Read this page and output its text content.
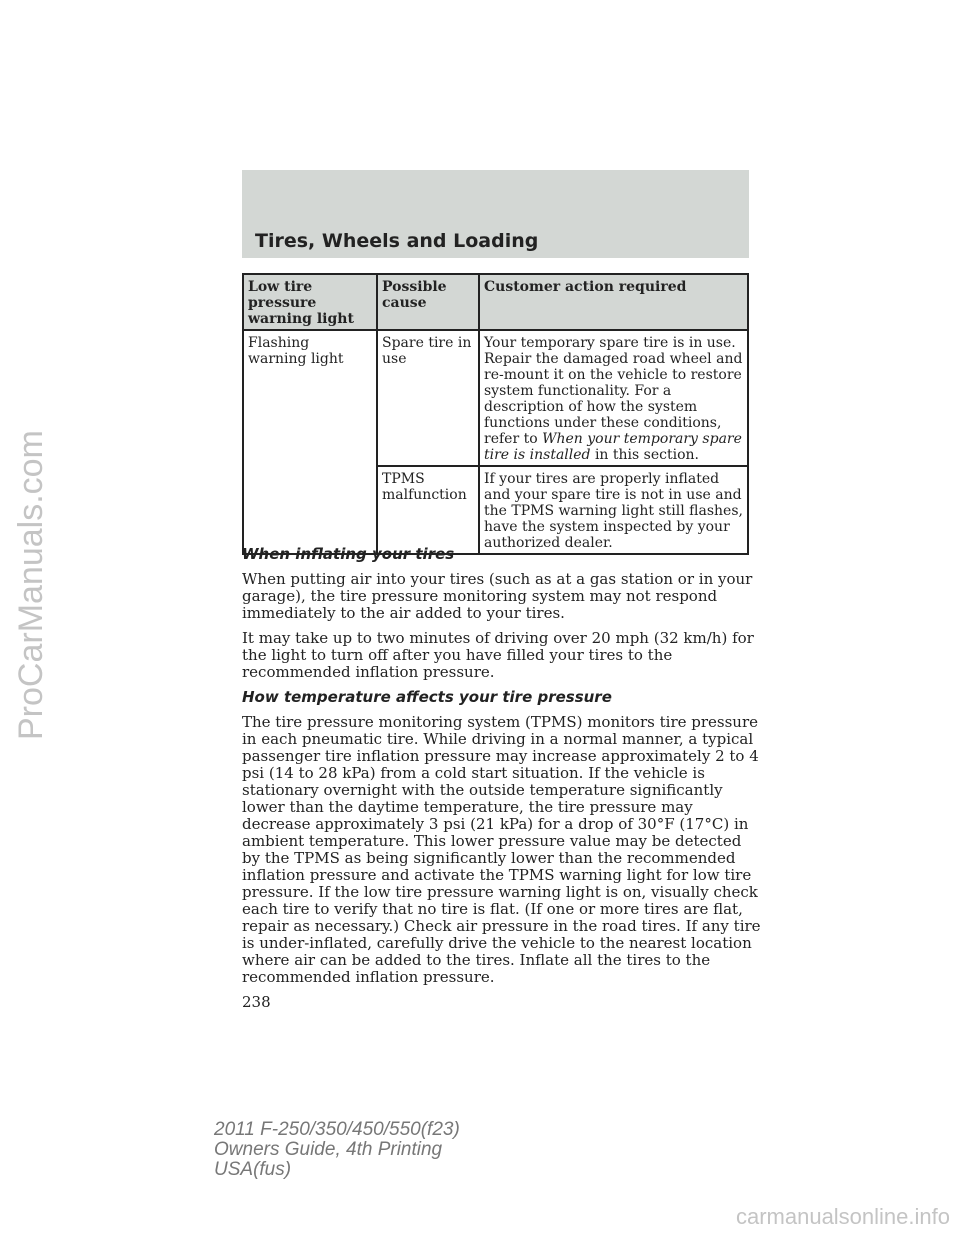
ProCarManuals.com
Tires, Wheels and Loading
Low tire pressure warning light	Possible cause	Customer action required
Flashing warning light	Spare tire in use	Your temporary spare tire is in use. Repair the damaged road wheel and re-mount it on the vehicle to restore system functionality. For a description of how the system functions under these conditions, refer to When your temporary spare tire is installed in this section.
	TPMS malfunction	If your tires are properly inflated and your spare tire is not in use and the TPMS warning light still flashes, have the system inspected by your authorized dealer.
When inflating your tires

When putting air into your tires (such as at a gas station or in your garage), the tire pressure monitoring system may not respond immediately to the air added to your tires.

It may take up to two minutes of driving over 20 mph (32 km/h) for the light to turn off after you have filled your tires to the recommended inflation pressure.

How temperature affects your tire pressure

The tire pressure monitoring system (TPMS) monitors tire pressure in each pneumatic tire. While driving in a normal manner, a typical passenger tire inflation pressure may increase approximately 2 to 4 psi (14 to 28 kPa) from a cold start situation. If the vehicle is stationary overnight with the outside temperature significantly lower than the daytime temperature, the tire pressure may decrease approximately 3 psi (21 kPa) for a drop of 30°F (17°C) in ambient temperature. This lower pressure value may be detected by the TPMS as being significantly lower than the recommended inflation pressure and activate the TPMS warning light for low tire pressure. If the low tire pressure warning light is on, visually check each tire to verify that no tire is flat. (If one or more tires are flat, repair as necessary.) Check air pressure in the road tires. If any tire is under-inflated, carefully drive the vehicle to the nearest location where air can be added to the tires. Inflate all the tires to the recommended inflation pressure.

238
2011 F-250/350/450/550(f23)
Owners Guide, 4th Printing
USA(fus)
carmanualsonline.info
